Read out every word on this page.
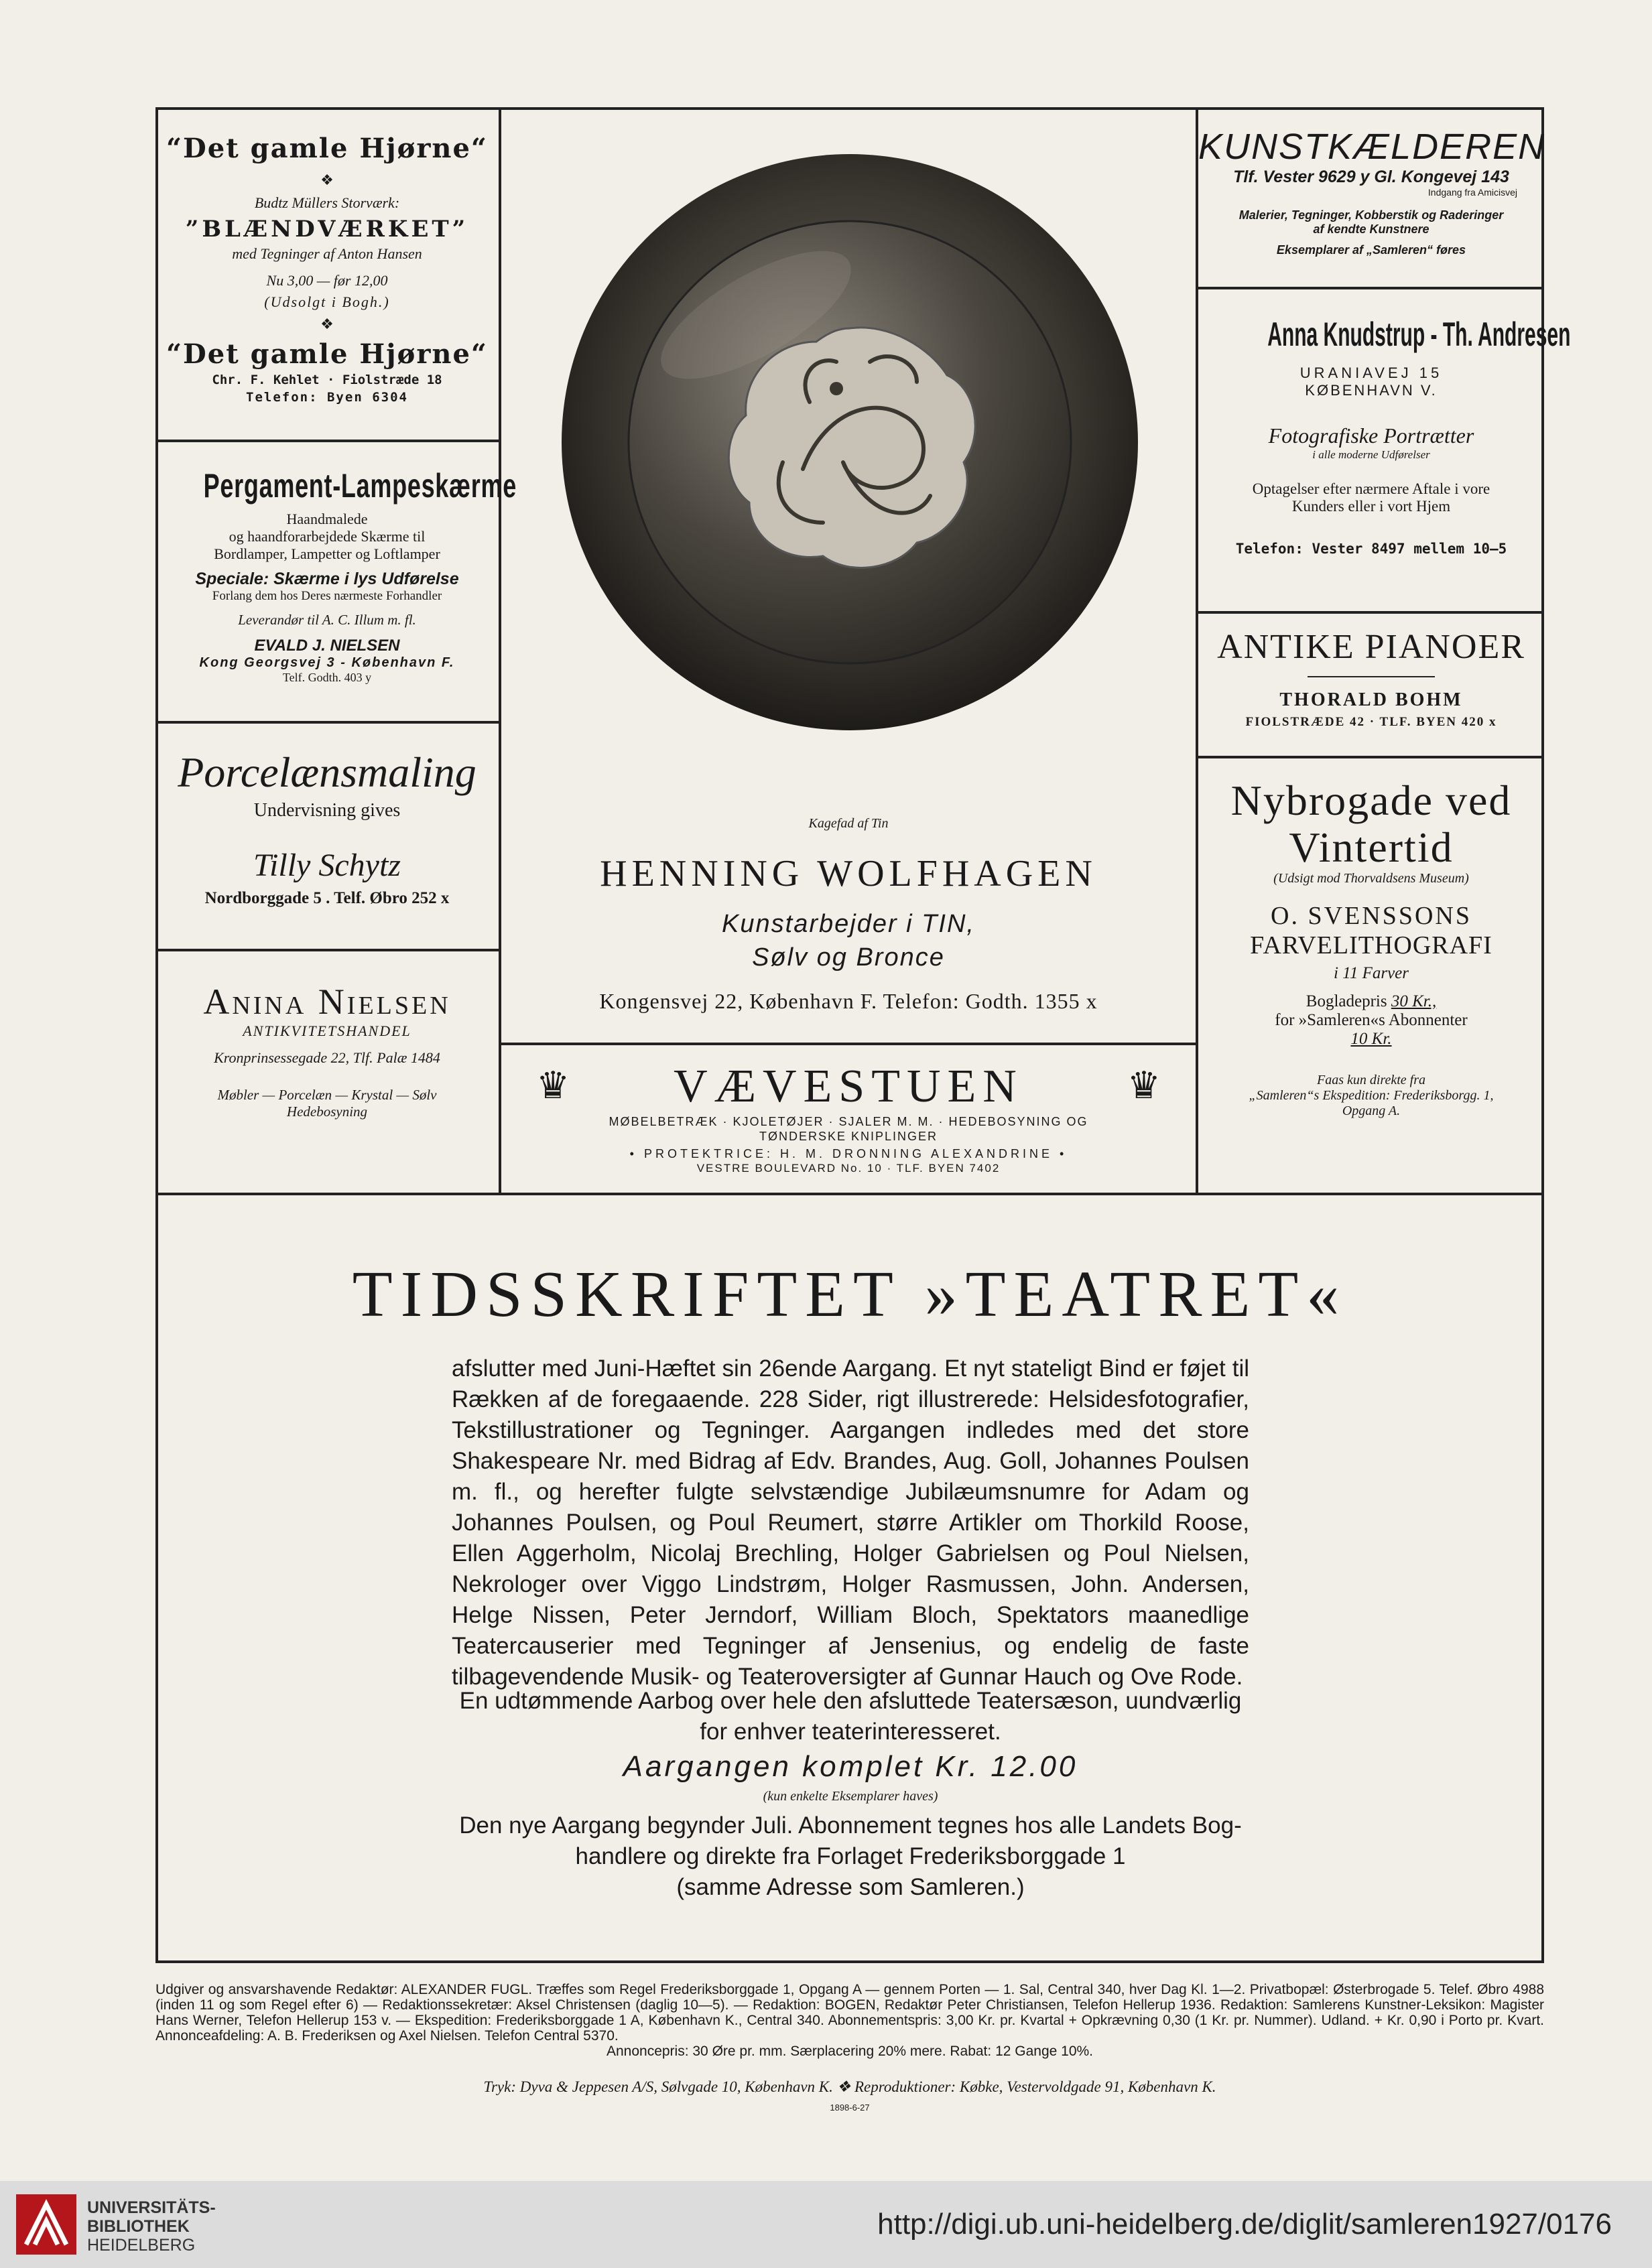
“Det gamle Hjørne“

❖

Budtz Müllers Storværk:

”BLÆNDVÆRKET”

med Tegninger af Anton Hansen

Nu 3,00 — før 12,00

(Udsolgt i Bogh.)

❖

“Det gamle Hjørne“

Chr. F. Kehlet · Fiolstræde 18

Telefon: Byen 6304

Pergament-Lampeskærme

Haandmalede

og haandforarbejdede Skærme til

Bordlamper, Lampetter og Loftlamper

Speciale: Skærme i lys Udførelse

Forlang dem hos Deres nærmeste Forhandler

Leverandør til A. C. Illum m. fl.

EVALD J. NIELSEN

Kong Georgsvej 3 - København F.

Telf. Godth. 403 y

Porcelænsmaling

Undervisning gives

Tilly Schytz

Nordborggade 5 . Telf. Øbro 252 x

Anina Nielsen

ANTIKVITETSHANDEL

Kronprinsessegade 22, Tlf. Palæ 1484

Møbler — Porcelæn — Krystal — Sølv

Hedebosyning

Kagefad af Tin

HENNING WOLFHAGEN

Kunstarbejder i TIN,

Sølv og Bronce

Kongensvej 22, København F. Telefon: Godth. 1355 x

♛	♛

VÆVESTUEN

MØBELBETRÆK · KJOLETØJER · SJALER M. M. · HEDEBOSYNING OG

TØNDERSKE KNIPLINGER

• PROTEKTRICE: H. M. DRONNING ALEXANDRINE •

VESTRE BOULEVARD No. 10 · TLF. BYEN 7402

KUNSTKÆLDEREN

Tlf. Vester 9629 y Gl. Kongevej 143

Indgang fra Amicisvej

Malerier, Tegninger, Kobberstik og Raderinger

af kendte Kunstnere

Eksemplarer af „Samleren“ føres

Anna Knudstrup - Th. Andresen

URANIAVEJ 15

KØBENHAVN V.

Fotografiske Portrætter

i alle moderne Udførelser

Optagelser efter nærmere Aftale i vore

Kunders eller i vort Hjem

Telefon: Vester 8497 mellem 10—5

ANTIKE PIANOER

THORALD BOHM

FIOLSTRÆDE 42 · TLF. BYEN 420 x

Nybrogade ved

Vintertid

(Udsigt mod Thorvaldsens Museum)

O. SVENSSONS

FARVELITHOGRAFI

i 11 Farver

Bogladepris 30 Kr.,

for »Samleren«s Abonnenter

10 Kr.

Faas kun direkte fra

„Samleren“s Ekspedition: Frederiksborgg. 1,

Opgang A.

TIDSSKRIFTET »TEATRET«

afslutter med Juni-Hæftet sin 26ende Aargang. Et nyt stateligt Bind er føjet til Rækken af de foregaaende. 228 Sider, rigt illustrerede: Helsidesfotografier, Tekstillustrationer og Tegninger. Aargangen indledes med det store Shakespeare Nr. med Bidrag af Edv. Brandes, Aug. Goll, Johannes Poulsen m. fl., og herefter fulgte selvstændige Jubilæumsnumre for Adam og Johannes Poulsen, og Poul Reumert, større Artikler om Thorkild Roose, Ellen Aggerholm, Nicolaj Brechling, Holger Gabrielsen og Poul Nielsen, Nekrologer over Viggo Lindstrøm, Holger Rasmussen, John. Andersen, Helge Nissen, Peter Jerndorf, William Bloch, Spektators maanedlige Teatercauserier med Tegninger af Jensenius, og endelig de faste tilbagevendende Musik- og Teateroversigter af Gunnar Hauch og Ove Rode.

En udtømmende Aarbog over hele den afsluttede Teatersæson, uundværlig

for enhver teaterinteresseret.

Aargangen komplet Kr. 12.00

(kun enkelte Eksemplarer haves)

Den nye Aargang begynder Juli. Abonnement tegnes hos alle Landets Bog-

handlere og direkte fra Forlaget Frederiksborggade 1

(samme Adresse som Samleren.)

Udgiver og ansvarshavende Redaktør: ALEXANDER FUGL. Træffes som Regel Frederiksborggade 1, Opgang A — gennem Porten — 1. Sal, Central 340, hver Dag Kl. 1—2. Privatbopæl: Østerbrogade 5. Telef. Øbro 4988 (inden 11 og som Regel efter 6) — Redaktionssekretær: Aksel Christensen (daglig 10—5). — Redaktion: BOGEN, Redaktør Peter Christiansen, Telefon Hellerup 1936. Redaktion: Samlerens Kunstner-Leksikon: Magister Hans Werner, Telefon Hellerup 153 v. — Ekspedition: Frederiksborggade 1 A, København K., Central 340. Abonnementspris: 3,00 Kr. pr. Kvartal + Opkrævning 0,30 (1 Kr. pr. Nummer). Udland. + Kr. 0,90 i Porto pr. Kvart. Annonceafdeling: A. B. Frederiksen og Axel Nielsen. Telefon Central 5370.

Annoncepris: 30 Øre pr. mm. Særplacering 20% mere. Rabat: 12 Gange 10%.

Tryk: Dyva & Jeppesen A/S, Sølvgade 10, København K. ❖ Reproduktioner: Købke, Vestervoldgade 91, København K.

1898-6-27

UNIVERSITÄTS-

BIBLIOTHEK

HEIDELBERG

http://digi.ub.uni-heidelberg.de/diglit/samleren1927/0176
